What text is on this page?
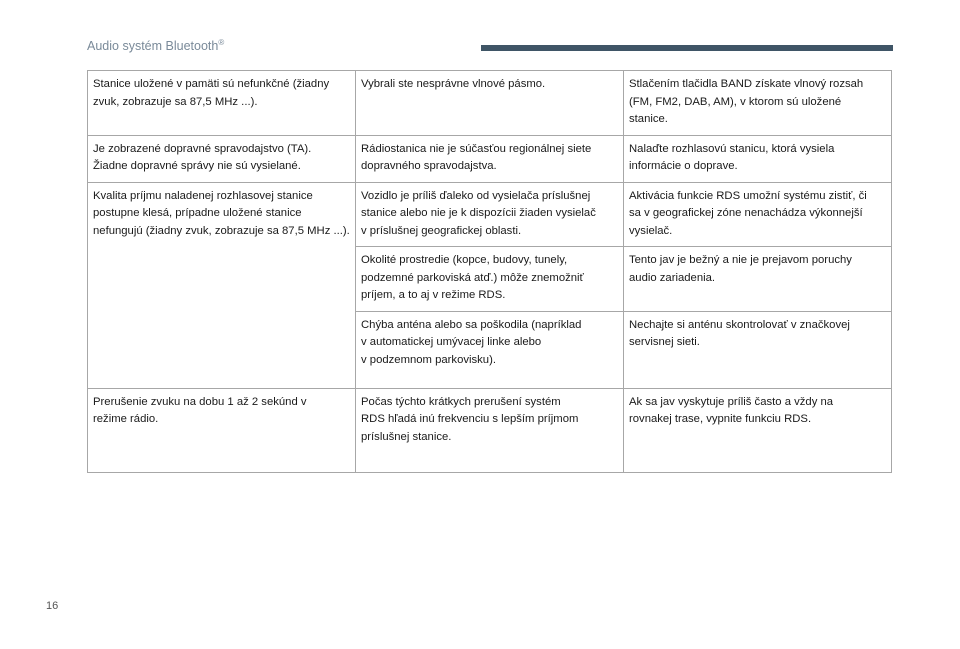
Audio systém Bluetooth®
Stanice uložené v pamäti sú nefunkčné (žiadny
zvuk, zobrazuje sa 87,5 MHz ...).	Vybrali ste nesprávne vlnové pásmo.	Stlačením tlačidla BAND získate vlnový rozsah
(FM, FM2, DAB, AM), v ktorom sú uložené
stanice.
Je zobrazené dopravné spravodajstvo (TA).
Žiadne dopravné správy nie sú vysielané.	Rádiostanica nie je súčasťou regionálnej siete
dopravného spravodajstva.	Nalaďte rozhlasovú stanicu, ktorá vysiela
informácie o doprave.
Kvalita príjmu naladenej rozhlasovej stanice
postupne klesá, prípadne uložené stanice
nefungujú (žiadny zvuk, zobrazuje sa 87,5 MHz ...).	Vozidlo je príliš ďaleko od vysielača príslušnej
stanice alebo nie je k dispozícii žiaden vysielač
v príslušnej geografickej oblasti.	Aktivácia funkcie RDS umožní systému zistiť, či
sa v geografickej zóne nenachádza výkonnejší
vysielač.
	Okolité prostredie (kopce, budovy, tunely,
podzemné parkoviská atď.) môže znemožniť
príjem, a to aj v režime RDS.	Tento jav je bežný a nie je prejavom poruchy
audio zariadenia.
	Chýba anténa alebo sa poškodila (napríklad
v automatickej umývacej linke alebo
v podzemnom parkovisku).	Nechajte si anténu skontrolovať v značkovej
servisnej sieti.
Prerušenie zvuku na dobu 1 až 2 sekúnd v
režime rádio.	Počas týchto krátkych prerušení systém
RDS hľadá inú frekvenciu s lepším príjmom
príslušnej stanice.	Ak sa jav vyskytuje príliš často a vždy na
rovnakej trase, vypnite funkciu RDS.
16
